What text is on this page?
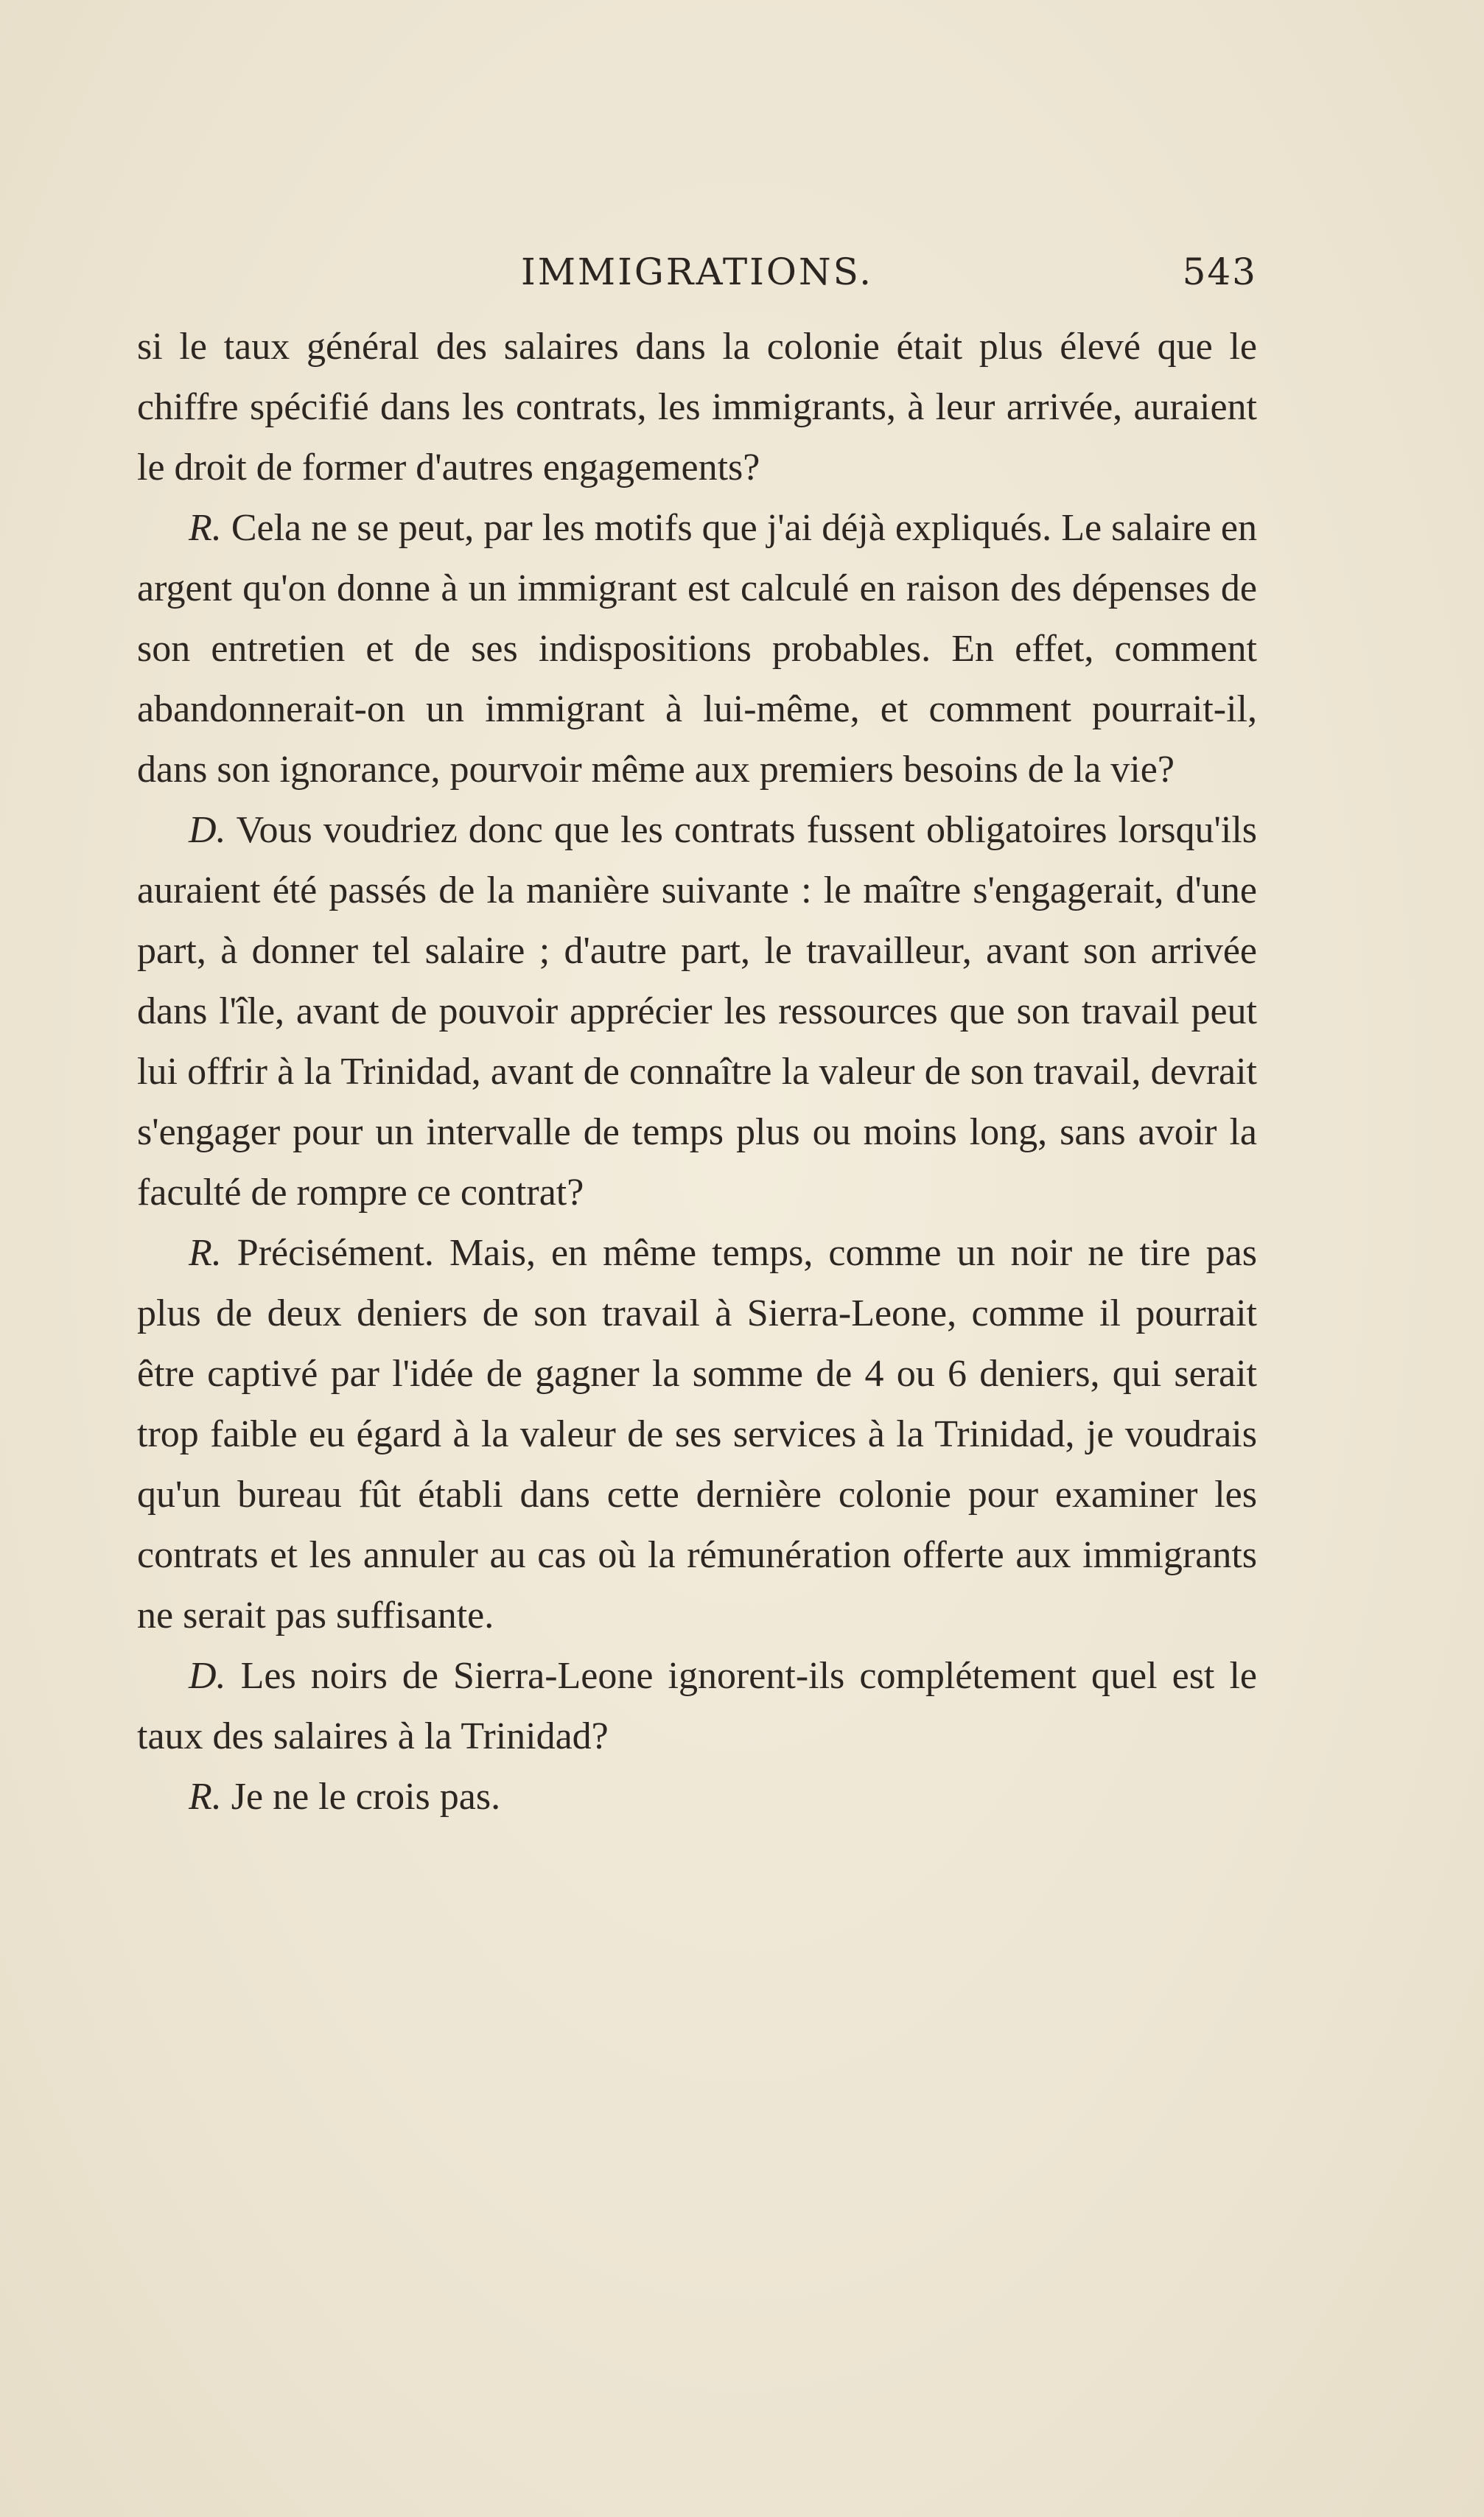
IMMIGRATIONS.	543

si le taux général des salaires dans la colonie était plus élevé que le chiffre spécifié dans les contrats, les immigrants, à leur arrivée, auraient le droit de former d'autres engagements?

R. Cela ne se peut, par les motifs que j'ai déjà expliqués. Le salaire en argent qu'on donne à un immigrant est calculé en raison des dépenses de son entretien et de ses indispositions probables. En effet, comment abandonnerait-on un immigrant à lui-même, et comment pourrait-il, dans son ignorance, pourvoir même aux premiers besoins de la vie?

D. Vous voudriez donc que les contrats fussent obligatoires lorsqu'ils auraient été passés de la manière suivante : le maître s'engagerait, d'une part, à donner tel salaire ; d'autre part, le travailleur, avant son arrivée dans l'île, avant de pouvoir apprécier les ressources que son travail peut lui offrir à la Trinidad, avant de connaître la valeur de son travail, devrait s'engager pour un intervalle de temps plus ou moins long, sans avoir la faculté de rompre ce contrat?

R. Précisément. Mais, en même temps, comme un noir ne tire pas plus de deux deniers de son travail à Sierra-Leone, comme il pourrait être captivé par l'idée de gagner la somme de 4 ou 6 deniers, qui serait trop faible eu égard à la valeur de ses services à la Trinidad, je voudrais qu'un bureau fût établi dans cette dernière colonie pour examiner les contrats et les annuler au cas où la rémunération offerte aux immigrants ne serait pas suffisante.

D. Les noirs de Sierra-Leone ignorent-ils complétement quel est le taux des salaires à la Trinidad?

R. Je ne le crois pas.
